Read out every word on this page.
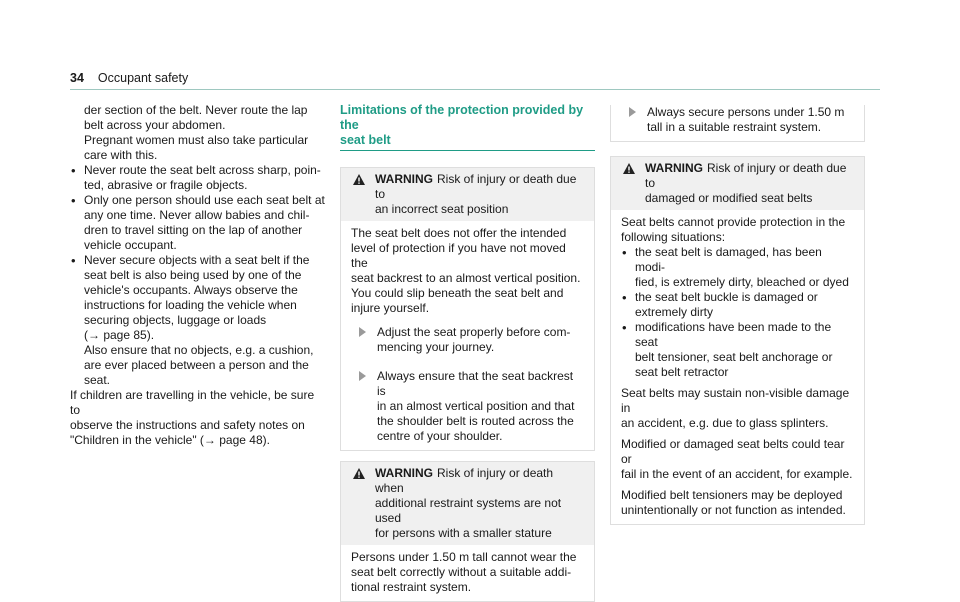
34 Occupant safety
der section of the belt. Never route the lap
belt across your abdomen.
Pregnant women must also take particular
care with this.
• Never route the seat belt across sharp, poin-
ted, abrasive or fragile objects.
• Only one person should use each seat belt at
any one time. Never allow babies and chil-
dren to travel sitting on the lap of another
vehicle occupant.
• Never secure objects with a seat belt if the
seat belt is also being used by one of the
vehicle's occupants. Always observe the
instructions for loading the vehicle when
securing objects, luggage or loads
(→ page 85).
Also ensure that no objects, e.g. a cushion,
are ever placed between a person and the
seat.
If children are travelling in the vehicle, be sure to
observe the instructions and safety notes on
"Children in the vehicle" (→ page 48).
Limitations of the protection provided by the
seat belt
WARNING Risk of injury or death due to
an incorrect seat position
The seat belt does not offer the intended
level of protection if you have not moved the
seat backrest to an almost vertical position.
You could slip beneath the seat belt and
injure yourself.
Adjust the seat properly before com-
mencing your journey.
Always ensure that the seat backrest is
in an almost vertical position and that
the shoulder belt is routed across the
centre of your shoulder.
WARNING Risk of injury or death when
additional restraint systems are not used
for persons with a smaller stature
Persons under 1.50 m tall cannot wear the
seat belt correctly without a suitable addi-
tional restraint system.
Always secure persons under 1.50 m
tall in a suitable restraint system.
WARNING Risk of injury or death due to
damaged or modified seat belts
Seat belts cannot provide protection in the
following situations:
• the seat belt is damaged, has been modi-
fied, is extremely dirty, bleached or dyed
• the seat belt buckle is damaged or
extremely dirty
• modifications have been made to the seat
belt tensioner, seat belt anchorage or
seat belt retractor
Seat belts may sustain non-visible damage in
an accident, e.g. due to glass splinters.
Modified or damaged seat belts could tear or
fail in the event of an accident, for example.
Modified belt tensioners may be deployed
unintentionally or not function as intended.
